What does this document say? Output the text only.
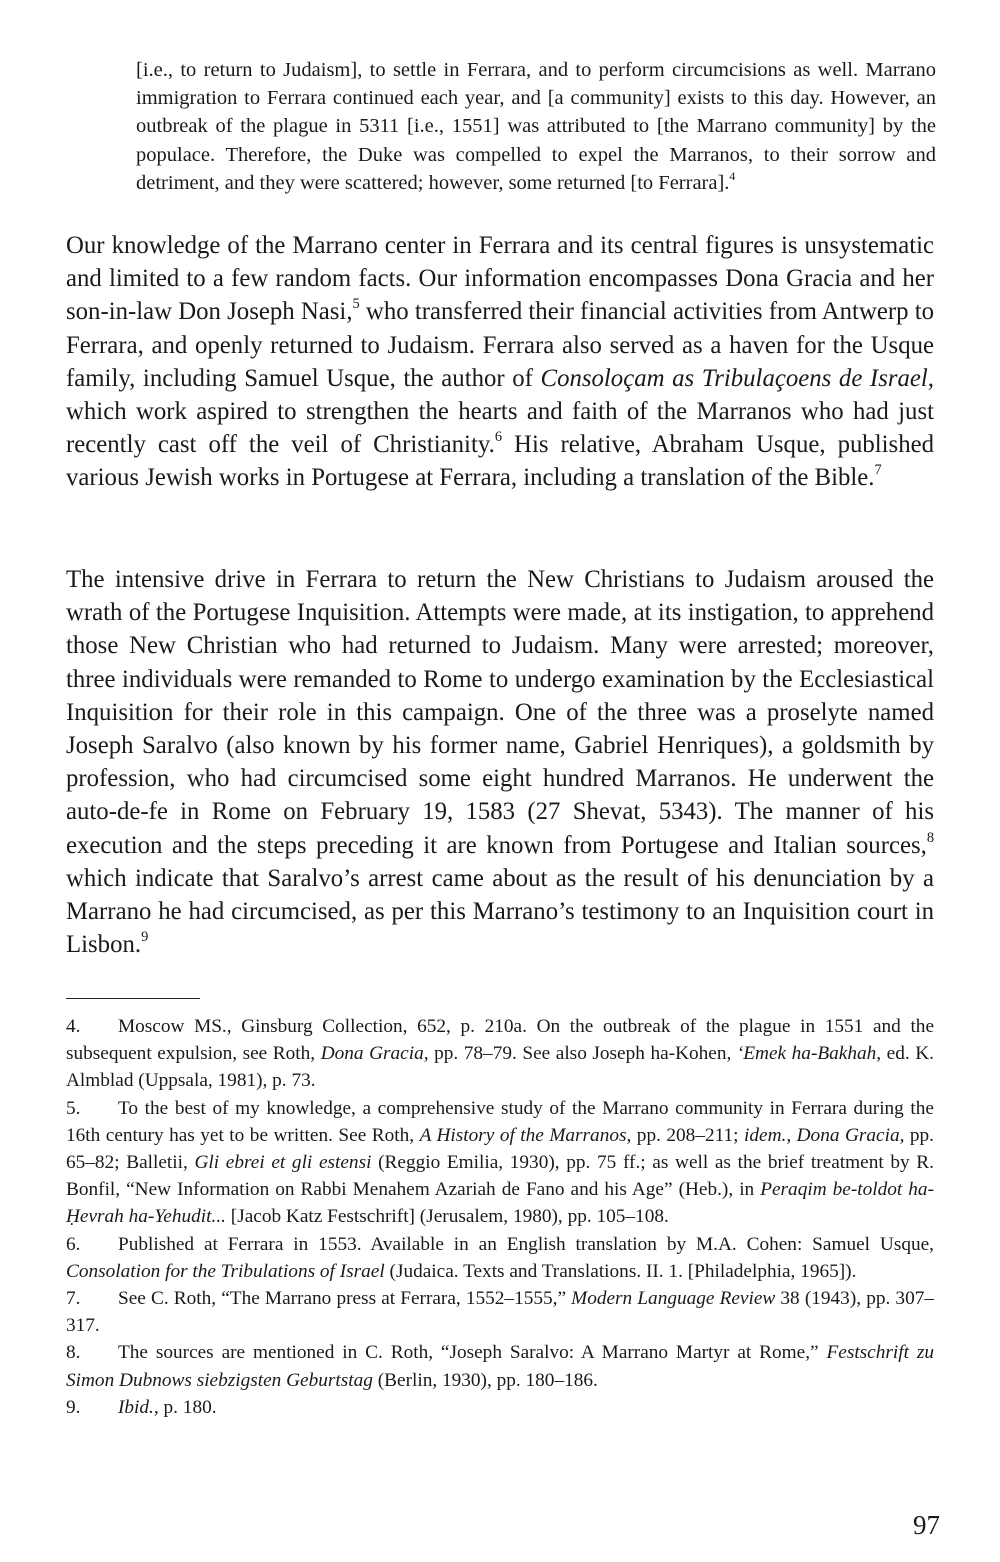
[i.e., to return to Judaism], to settle in Ferrara, and to perform circumcisions as well. Marrano immigration to Ferrara continued each year, and [a community] exists to this day. However, an outbreak of the plague in 5311 [i.e., 1551] was attributed to [the Marrano community] by the populace. Therefore, the Duke was compelled to expel the Marranos, to their sorrow and detriment, and they were scattered; however, some returned [to Ferrara].$^4$
Our knowledge of the Marrano center in Ferrara and its central figures is unsystematic and limited to a few random facts. Our information encompasses Dona Gracia and her son-in-law Don Joseph Nasi,$^5$ who transferred their financial activities from Antwerp to Ferrara, and openly returned to Judaism. Ferrara also served as a haven for the Usque family, including Samuel Usque, the author of Consoloçam as Tribulaçoens de Israel, which work aspired to strengthen the hearts and faith of the Marranos who had just recently cast off the veil of Christianity.$^6$ His relative, Abraham Usque, published various Jewish works in Portugese at Ferrara, including a translation of the Bible.$^7$
The intensive drive in Ferrara to return the New Christians to Judaism aroused the wrath of the Portugese Inquisition. Attempts were made, at its instigation, to apprehend those New Christian who had returned to Judaism. Many were arrested; moreover, three individuals were remanded to Rome to undergo examination by the Ecclesiastical Inquisition for their role in this campaign. One of the three was a proselyte named Joseph Saralvo (also known by his former name, Gabriel Henriques), a goldsmith by profession, who had circumcised some eight hundred Marranos. He underwent the auto-de-fe in Rome on February 19, 1583 (27 Shevat, 5343). The manner of his execution and the steps preceding it are known from Portugese and Italian sources,$^8$ which indicate that Saralvo’s arrest came about as the result of his denunciation by a Marrano he had circumcised, as per this Marrano’s testimony to an Inquisition court in Lisbon.$^9$

4. Moscow MS., Ginsburg Collection, 652, p. 210a. On the outbreak of the plague in 1551 and the subsequent expulsion, see Roth, Dona Gracia, pp. 78–79. See also Joseph ha-Kohen, ‘Emek ha-Bakhah, ed. K. Almblad (Uppsala, 1981), p. 73.

5. To the best of my knowledge, a comprehensive study of the Marrano community in Ferrara during the 16th century has yet to be written. See Roth, A History of the Marranos, pp. 208–211; idem., Dona Gracia, pp. 65–82; Balletii, Gli ebrei et gli estensi (Reggio Emilia, 1930), pp. 75 ff.; as well as the brief treatment by R. Bonfil, “New Information on Rabbi Menahem Azariah de Fano and his Age” (Heb.), in Peraqim be-toldot ha-Ḥevrah ha-Yehudit... [Jacob Katz Festschrift] (Jerusalem, 1980), pp. 105–108.

6. Published at Ferrara in 1553. Available in an English translation by M.A. Cohen: Samuel Usque, Consolation for the Tribulations of Israel (Judaica. Texts and Translations. II. 1. [Philadelphia, 1965]).

7. See C. Roth, “The Marrano press at Ferrara, 1552–1555,” Modern Language Review 38 (1943), pp. 307–317.

8. The sources are mentioned in C. Roth, “Joseph Saralvo: A Marrano Martyr at Rome,” Festschrift zu Simon Dubnows siebzigsten Geburtstag (Berlin, 1930), pp. 180–186.

9. Ibid., p. 180.

97
